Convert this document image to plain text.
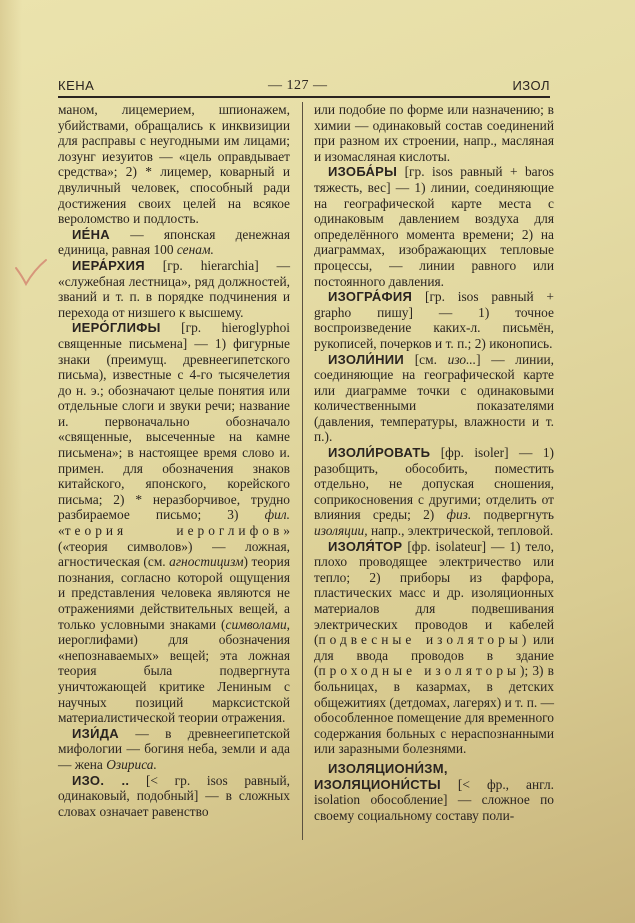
КЕНА	— 127 —	ИЗОЛ

маном, лицемерием, шпионажем, убийствами, обращались к инквизиции для расправы с неугодными им лицами; лозунг иезуитов — «цель оправдывает средства»; 2) * лицемер, коварный и двуличный человек, способный ради достижения своих целей на всякое вероломство и подлость.

ИЕ́НА — японская денежная единица, равная 100 сенам.

ИЕРА́РХИЯ [гр. hierarchia] — «служебная лестница», ряд должностей, званий и т. п. в порядке подчинения и перехода от низшего к высшему.

ИЕРО́ГЛИФЫ [гр. hieroglyphoi священные письмена] — 1) фигурные знаки (преимущ. древнеегипетского письма), известные с 4-го тысячелетия до н. э.; обозначают целые понятия или отдельные слоги и звуки речи; название и. первоначально обозначало «священные, высеченные на камне письмена»; в настоящее время слово и. примен. для обозначения знаков китайского, японского, корейского письма; 2) * неразборчивое, трудно разбираемое письмо; 3) фил. «теория иероглифов» («теория символов») — ложная, агностическая (см. агностицизм) теория познания, согласно которой ощущения и представления человека являются не отражениями действительных вещей, а только условными знаками (символами, иероглифами) для обозначения «непознаваемых» вещей; эта ложная теория была подвергнута уничтожающей критике Лениным с научных позиций марксистской материалистической теории отражения.

ИЗИ́ДА — в древнеегипетской мифологии — богиня неба, земли и ада — жена Озириса.

ИЗО. .. [< гр. isos равный, одинаковый, подобный] — в сложных словах означает равенство

или подобие по форме или назначению; в химии — одинаковый состав соединений при разном их строении, напр., масляная и изомасляная кислоты.

ИЗОБА́РЫ [гр. isos равный + baros тяжесть, вес] — 1) линии, соединяющие на географической карте места с одинаковым давлением воздуха для определённого момента времени; 2) на диаграммах, изображающих тепловые процессы, — линии равного или постоянного давления.

ИЗОГРА́ФИЯ [гр. isos равный + grapho пишу] — 1) точное воспроизведение каких-л. письмён, рукописей, почерков и т. п.; 2) иконопись.

ИЗОЛИ́НИИ [см. изо...] — линии, соединяющие на географической карте или диаграмме точки с одинаковыми количественными показателями (давления, температуры, влажности и т. п.).

ИЗОЛИ́РОВАТЬ [фр. isoler] — 1) разобщить, обособить, поместить отдельно, не допуская сношения, соприкосновения с другими; отделить от влияния среды; 2) физ. подвергнуть изоляции, напр., электрической, тепловой.

ИЗОЛЯ́ТОР [фр. isolateur] — 1) тело, плохо проводящее электричество или тепло; 2) приборы из фарфора, пластических масс и др. изоляционных материалов для подвешивания электрических проводов и кабелей (подвесные изоляторы) или для ввода проводов в здание (проходные изоляторы); 3) в больницах, в казармах, в детских общежитиях (детдомах, лагерях) и т. п. — обособленное помещение для временного содержания больных с нераспознанными или заразными болезнями.

ИЗОЛЯЦИОНИ́ЗМ, ИЗОЛЯЦИОНИ́СТЫ [< фр., англ. isolation обособление] — сложное по своему социальному составу поли-
